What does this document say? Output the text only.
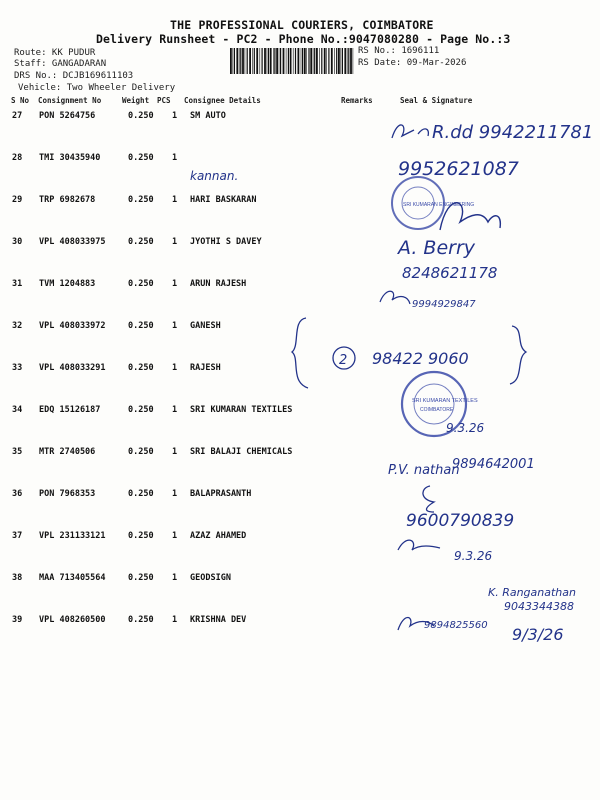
THE PROFESSIONAL COURIERS, COIMBATORE
Delivery Runsheet - PC2 - Phone No.:9047080280 - Page No.:3
Route: KK PUDUR
Staff: GANGADARAN
DRS No.: DCJB169611103
Vehicle: Two Wheeler Delivery
RS No.: 1696111
RS Date: 09-Mar-2026
S No Consignment No	Weight PCS Consignee Details	Remarks	Seal & Signature
27 PON 5264756	0.250 1 SM AUTO
28 TMI 30435940	0.250 1
29 TRP 6982678	0.250 1 HARI BASKARAN
30 VPL 408033975	0.250 1 JYOTHI S DAVEY
31 TVM 1204883	0.250 1 ARUN RAJESH
32 VPL 408033972	0.250 1 GANESH
33 VPL 408033291	0.250 1 RAJESH
34 EDQ 15126187	0.250 1 SRI KUMARAN TEXTILES
35 MTR 2740506	0.250 1 SRI BALAJI CHEMICALS
36 PON 7968353	0.250 1 BALAPRASANTH
37 VPL 231133121	0.250 1 AZAZ AHAMED
38 MAA 713405564	0.250 1 GEODSIGN
39 VPL 408260500	0.250 1 KRISHNA DEV
R.dd 9942211781
kannan.	9952621087
SRI KUMARAN ENGINEERING
A. Berry
8248621178
9994929847
2 98422 9060
SRI KUMARAN TEXTILES
COIMBATORE
9.3.26
P.V. nathan
9894642001
9600790839
9.3.26
K. Ranganathan
9043344388
9894825560 9/3/26
